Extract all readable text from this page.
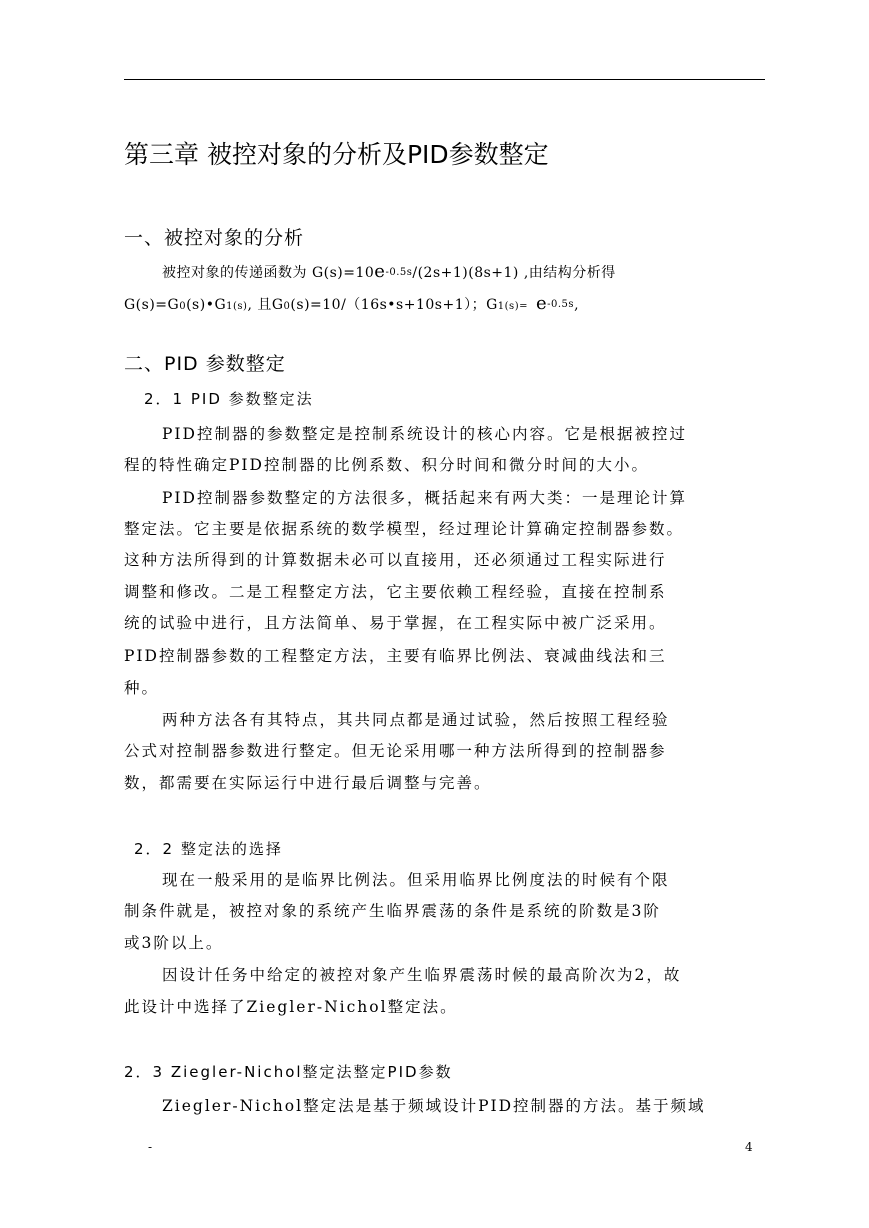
第三章 被控对象的分析及PID参数整定
一、被控对象的分析
被控对象的传递函数为 G(s)=10e-0.5s/(2s+1)(8s+1) ,由结构分析得
G(s)=G0(s)•G1(s), 且G0(s)=10/（16s•s+10s+1）；G1(s)= e-0.5s,
二、PID 参数整定
2．1 PID 参数整定法
PID控制器的参数整定是控制系统设计的核心内容。它是根据被控过
程的特性确定PID控制器的比例系数、积分时间和微分时间的大小。
PID控制器参数整定的方法很多，概括起来有两大类：一是理论计算
整定法。它主要是依据系统的数学模型，经过理论计算确定控制器参数。
这种方法所得到的计算数据未必可以直接用，还必须通过工程实际进行
调整和修改。二是工程整定方法，它主要依赖工程经验，直接在控制系
统的试验中进行，且方法简单、易于掌握，在工程实际中被广泛采用。
PID控制器参数的工程整定方法，主要有临界比例法、衰减曲线法和三
种。
两种方法各有其特点，其共同点都是通过试验，然后按照工程经验
公式对控制器参数进行整定。但无论采用哪一种方法所得到的控制器参
数，都需要在实际运行中进行最后调整与完善。
2．2 整定法的选择
现在一般采用的是临界比例法。但采用临界比例度法的时候有个限
制条件就是，被控对象的系统产生临界震荡的条件是系统的阶数是3阶
或3阶以上。
因设计任务中给定的被控对象产生临界震荡时候的最高阶次为2，故
此设计中选择了Ziegler-Nichol整定法。
2．3 Ziegler-Nichol整定法整定PID参数
Ziegler-Nichol整定法是基于频域设计PID控制器的方法。基于频域
-	4
